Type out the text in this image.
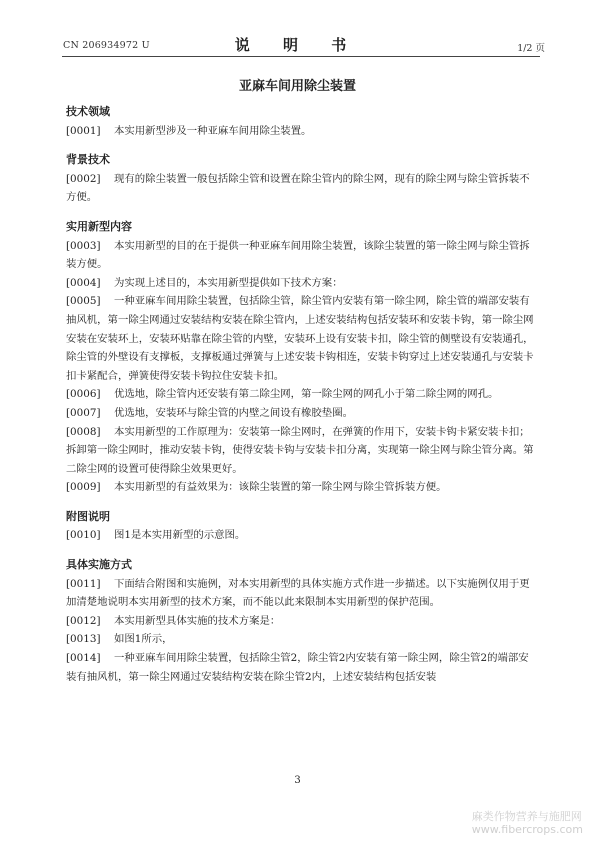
CN 206934972 U	说 明 书	1/2 页
亚麻车间用除尘装置
技术领域
[0001] 本实用新型涉及一种亚麻车间用除尘装置。
背景技术
[0002] 现有的除尘装置一般包括除尘管和设置在除尘管内的除尘网，现有的除尘网与除尘管拆装不方便。
实用新型内容
[0003] 本实用新型的目的在于提供一种亚麻车间用除尘装置，该除尘装置的第一除尘网与除尘管拆装方便。
[0004] 为实现上述目的，本实用新型提供如下技术方案：
[0005] 一种亚麻车间用除尘装置，包括除尘管，除尘管内安装有第一除尘网，除尘管的端部安装有抽风机，第一除尘网通过安装结构安装在除尘管内，上述安装结构包括安装环和安装卡钩，第一除尘网安装在安装环上，安装环贴靠在除尘管的内壁，安装环上设有安装卡扣，除尘管的侧壁设有安装通孔，除尘管的外壁设有支撑板，支撑板通过弹簧与上述安装卡钩相连，安装卡钩穿过上述安装通孔与安装卡扣卡紧配合，弹簧使得安装卡钩拉住安装卡扣。
[0006] 优选地，除尘管内还安装有第二除尘网，第一除尘网的网孔小于第二除尘网的网孔。
[0007] 优选地，安装环与除尘管的内壁之间设有橡胶垫圈。
[0008] 本实用新型的工作原理为：安装第一除尘网时，在弹簧的作用下，安装卡钩卡紧安装卡扣；拆卸第一除尘网时，推动安装卡钩，使得安装卡钩与安装卡扣分离，实现第一除尘网与除尘管分离。第二除尘网的设置可使得除尘效果更好。
[0009] 本实用新型的有益效果为：该除尘装置的第一除尘网与除尘管拆装方便。
附图说明
[0010] 图1是本实用新型的示意图。
具体实施方式
[0011] 下面结合附图和实施例，对本实用新型的具体实施方式作进一步描述。以下实施例仅用于更加清楚地说明本实用新型的技术方案，而不能以此来限制本实用新型的保护范围。
[0012] 本实用新型具体实施的技术方案是：
[0013] 如图1所示，
[0014] 一种亚麻车间用除尘装置，包括除尘管2，除尘管2内安装有第一除尘网，除尘管2的端部安装有抽风机，第一除尘网通过安装结构安装在除尘管2内，上述安装结构包括安装
3
麻类作物营养与施肥网
www.fibercrops.com
